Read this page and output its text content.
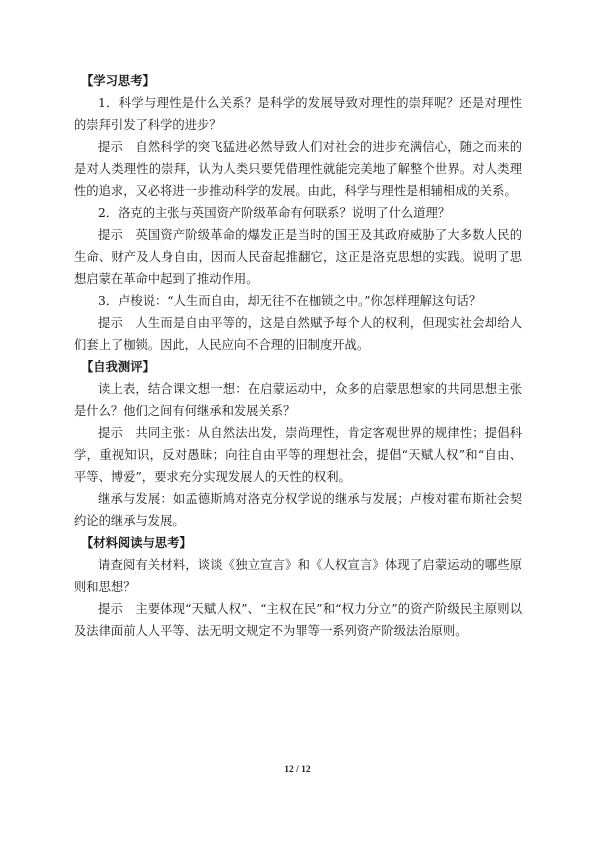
【学习思考】

1．科学与理性是什么关系？是科学的发展导致对理性的崇拜呢？还是对理性的崇拜引发了科学的进步？

提示　自然科学的突飞猛进必然导致人们对社会的进步充满信心，随之而来的是对人类理性的崇拜，认为人类只要凭借理性就能完美地了解整个世界。对人类理性的追求，又必将进一步推动科学的发展。由此，科学与理性是相辅相成的关系。

2．洛克的主张与英国资产阶级革命有何联系？说明了什么道理？

提示　英国资产阶级革命的爆发正是当时的国王及其政府威胁了大多数人民的生命、财产及人身自由，因而人民奋起推翻它，这正是洛克思想的实践。说明了思想启蒙在革命中起到了推动作用。

3．卢梭说：“人生而自由，却无往不在枷锁之中。”你怎样理解这句话？

提示　人生而是自由平等的，这是自然赋予每个人的权利，但现实社会却给人们套上了枷锁。因此，人民应向不合理的旧制度开战。

【自我测评】

读上表，结合课文想一想：在启蒙运动中，众多的启蒙思想家的共同思想主张是什么？他们之间有何继承和发展关系？

提示　共同主张：从自然法出发，崇尚理性，肯定客观世界的规律性；提倡科学，重视知识，反对愚昧；向往自由平等的理想社会，提倡“天赋人权”和“自由、平等、博爱”，要求充分实现发展人的天性的权利。

继承与发展：如孟德斯鸠对洛克分权学说的继承与发展；卢梭对霍布斯社会契约论的继承与发展。

【材料阅读与思考】

请查阅有关材料，谈谈《独立宣言》和《人权宣言》体现了启蒙运动的哪些原则和思想？

提示　主要体现“天赋人权”、“主权在民”和“权力分立”的资产阶级民主原则以及法律面前人人平等、法无明文规定不为罪等一系列资产阶级法治原则。

12 / 12
